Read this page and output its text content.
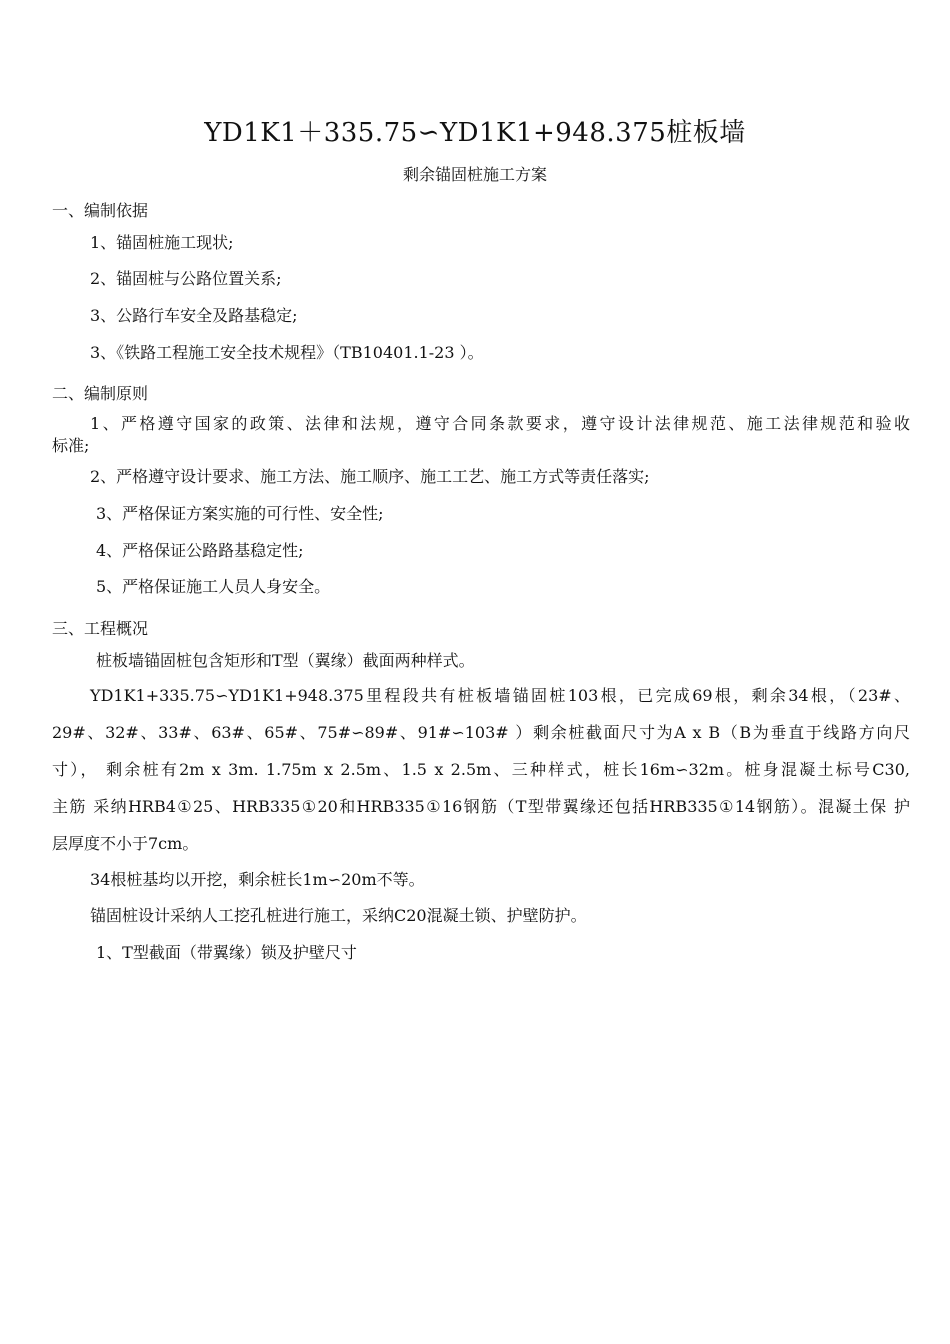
YD1K1＋335.75∽YD1K1+948.375桩板墙
剩余锚固桩施工方案
一、编制依据
1、锚固桩施工现状;
2、锚固桩与公路位置关系;
3、公路行车安全及路基稳定;
3、《铁路工程施工安全技术规程》（TB10401.1-23 ）。
二、编制原则
1、严格遵守国家的政策、法律和法规，遵守合同条款要求，遵守设计法律规范、施工法律规范和验收
标准;
2、严格遵守设计要求、施工方法、施工顺序、施工工艺、施工方式等责任落实;
3、严格保证方案实施的可行性、安全性;
4、严格保证公路路基稳定性;
5、严格保证施工人员人身安全。
三、工程概况
桩板墙锚固桩包含矩形和T型（翼缘）截面两种样式。
YD1K1+335.75∽YD1K1+948.375里程段共有桩板墙锚固桩103根，已完成69根，剩余34根，（23#、
29#、32#、33#、63#、65#、75#∽89#、91#∽103# ）剩余桩截面尺寸为A x B（B为垂直于线路方向尺
寸）， 剩余桩有2m x 3m. 1.75m x 2.5m、1.5 x 2.5m、三种样式，桩长16m∽32m。桩身混凝土标号C30,
主筋 采纳HRB4①25、HRB335①20和HRB335①16钢筋（T型带翼缘还包括HRB335①14钢筋）。混凝土保 护
层厚度不小于7cm。
34根桩基均以开挖，剩余桩长1m∽20m不等。
锚固桩设计采纳人工挖孔桩进行施工，采纳C20混凝土锁、护壁防护。
1、T型截面（带翼缘）锁及护壁尺寸
